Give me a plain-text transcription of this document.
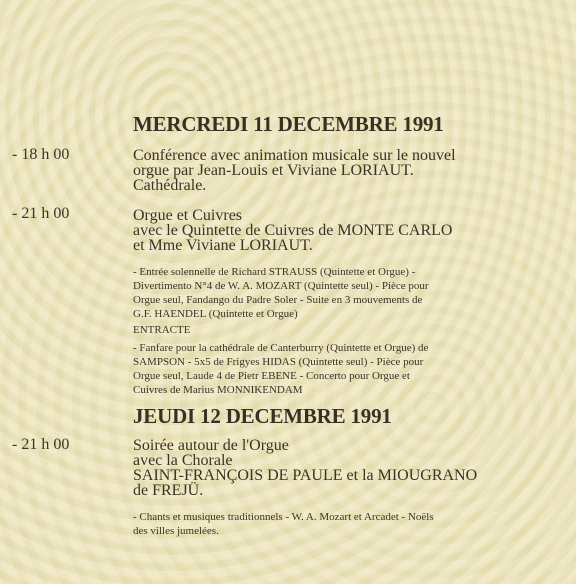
MERCREDI 11 DECEMBRE 1991
- 18 h 00	Conférence avec animation musicale sur le nouvel
orgue par Jean-Louis et Viviane LORIAUT.
Cathédrale.
- 21 h 00	Orgue et Cuivres
avec le Quintette de Cuivres de MONTE CARLO
et Mme Viviane LORIAUT.
- Entrée solennelle de Richard STRAUSS (Quintette et Orgue) -
Divertimento N°4 de W. A. MOZART (Quintette seul) - Pièce pour
Orgue seul, Fandango du Padre Soler - Suite en 3 mouvements de
G.F. HAENDEL (Quintette et Orgue)
ENTRACTE
- Fanfare pour la cathédrale de Canterburry (Quintette et Orgue) de
SAMPSON - 5x5 de Frigyes HIDAS (Quintette seul) - Pièce pour
Orgue seul, Laude 4 de Pietr EBENE - Concerto pour Orgue et
Cuivres de Marius MONNIKENDAM
JEUDI 12 DECEMBRE 1991
- 21 h 00	Soirée autour de l'Orgue
avec la Chorale
SAINT-FRANÇOIS DE PAULE et la MIOUGRANO
de FREJÜ.
- Chants et musiques traditionnels - W. A. Mozart et Arcadet - Noëls
des villes jumelées.
